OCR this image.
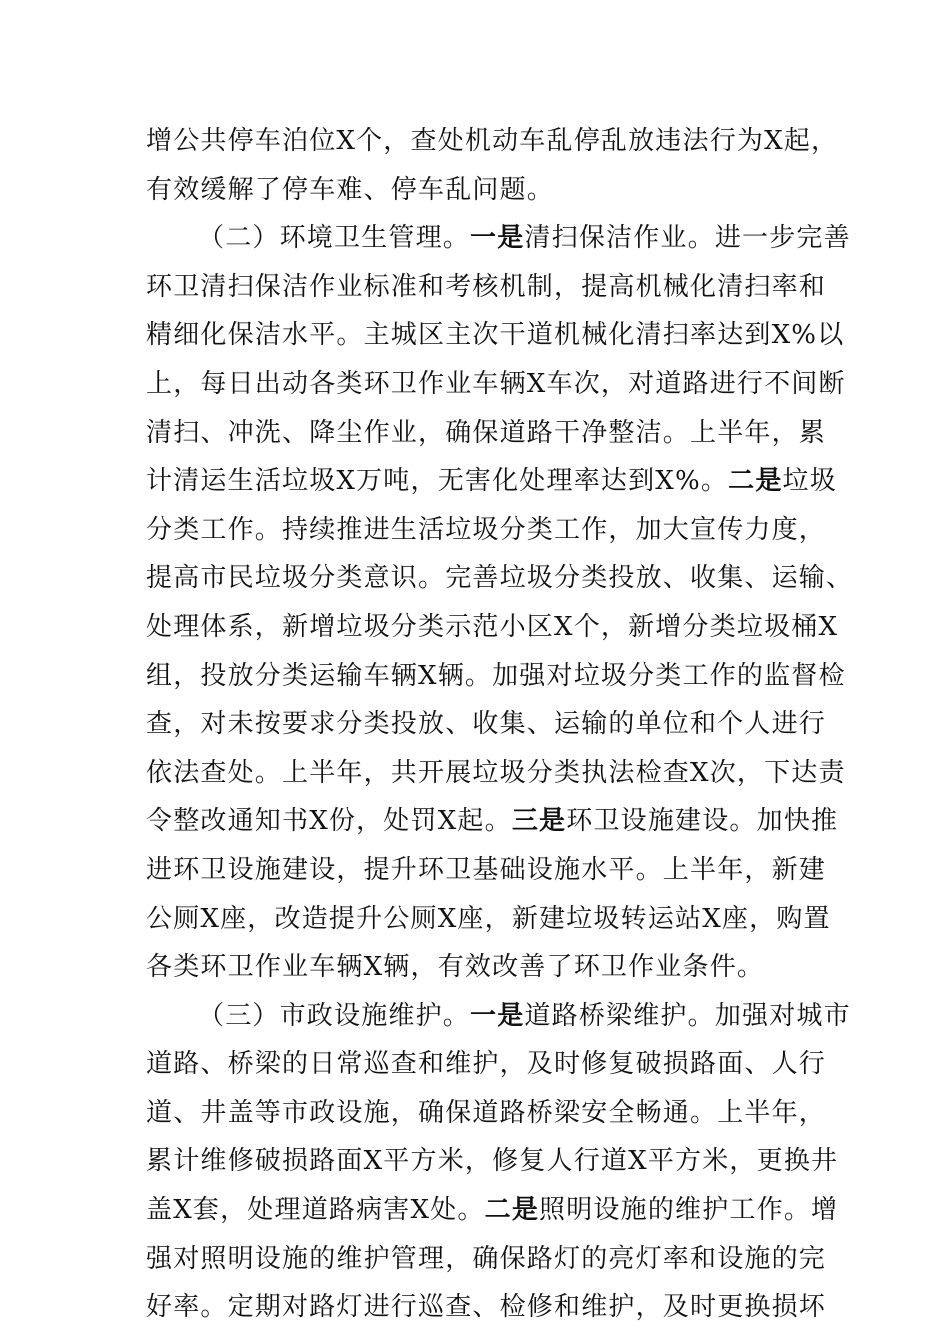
增公共停车泊位X个，查处机动车乱停乱放违法行为X起，
有效缓解了停车难、停车乱问题。
（二）环境卫生管理。一是清扫保洁作业。进一步完善
环卫清扫保洁作业标准和考核机制，提高机械化清扫率和
精细化保洁水平。主城区主次干道机械化清扫率达到X%以
上，每日出动各类环卫作业车辆X车次，对道路进行不间断
清扫、冲洗、降尘作业，确保道路干净整洁。上半年，累
计清运生活垃圾X万吨，无害化处理率达到X%。二是垃圾
分类工作。持续推进生活垃圾分类工作，加大宣传力度，
提高市民垃圾分类意识。完善垃圾分类投放、收集、运输、
处理体系，新增垃圾分类示范小区X个，新增分类垃圾桶X
组，投放分类运输车辆X辆。加强对垃圾分类工作的监督检
查，对未按要求分类投放、收集、运输的单位和个人进行
依法查处。上半年，共开展垃圾分类执法检查X次，下达责
令整改通知书X份，处罚X起。三是环卫设施建设。加快推
进环卫设施建设，提升环卫基础设施水平。上半年，新建
公厕X座，改造提升公厕X座，新建垃圾转运站X座，购置
各类环卫作业车辆X辆，有效改善了环卫作业条件。
（三）市政设施维护。一是道路桥梁维护。加强对城市
道路、桥梁的日常巡查和维护，及时修复破损路面、人行
道、井盖等市政设施，确保道路桥梁安全畅通。上半年，
累计维修破损路面X平方米，修复人行道X平方米，更换井
盖X套，处理道路病害X处。二是照明设施的维护工作。增
强对照明设施的维护管理，确保路灯的亮灯率和设施的完
好率。定期对路灯进行巡查、检修和维护，及时更换损坏
